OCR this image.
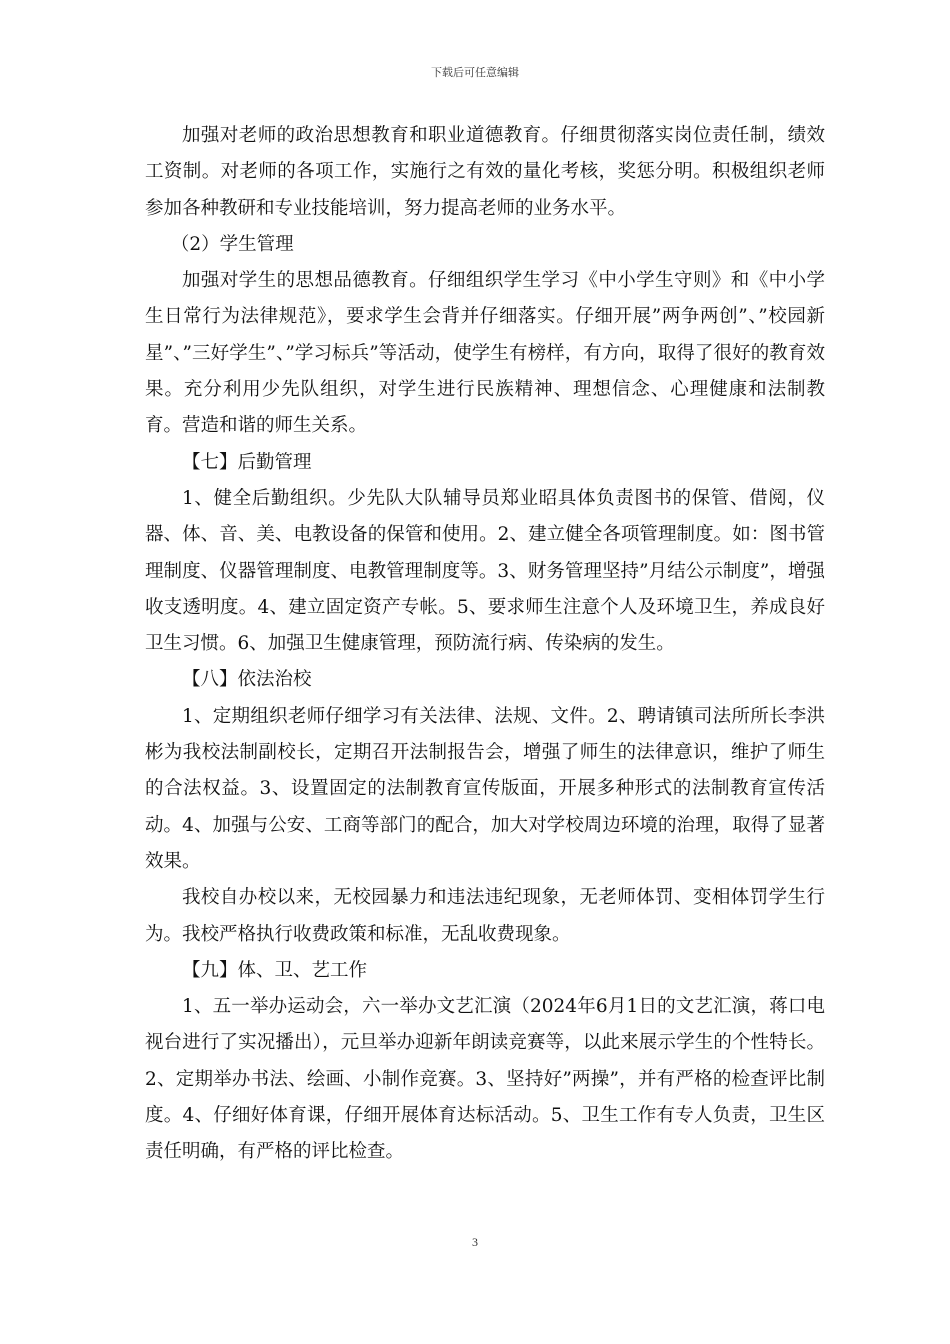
下载后可任意编辑

加强对老师的政治思想教育和职业道德教育。仔细贯彻落实岗位责任制，绩效工资制。对老师的各项工作，实施行之有效的量化考核，奖惩分明。积极组织老师参加各种教研和专业技能培训，努力提高老师的业务水平。

（2）学生管理

加强对学生的思想品德教育。仔细组织学生学习《中小学生守则》和《中小学生日常行为法律规范》，要求学生会背并仔细落实。仔细开展”两争两创”、”校园新星”、”三好学生”、”学习标兵”等活动，使学生有榜样，有方向，取得了很好的教育效果。充分利用少先队组织，对学生进行民族精神、理想信念、心理健康和法制教育。营造和谐的师生关系。

【七】后勤管理

1、健全后勤组织。少先队大队辅导员郑业昭具体负责图书的保管、借阅，仪器、体、音、美、电教设备的保管和使用。2、建立健全各项管理制度。如：图书管理制度、仪器管理制度、电教管理制度等。3、财务管理坚持”月结公示制度”，增强收支透明度。4、建立固定资产专帐。5、要求师生注意个人及环境卫生，养成良好卫生习惯。6、加强卫生健康管理，预防流行病、传染病的发生。

【八】依法治校

1、定期组织老师仔细学习有关法律、法规、文件。2、聘请镇司法所所长李洪彬为我校法制副校长，定期召开法制报告会，增强了师生的法律意识，维护了师生的合法权益。3、设置固定的法制教育宣传版面，开展多种形式的法制教育宣传活动。4、加强与公安、工商等部门的配合，加大对学校周边环境的治理，取得了显著效果。

我校自办校以来，无校园暴力和违法违纪现象，无老师体罚、变相体罚学生行为。我校严格执行收费政策和标准，无乱收费现象。

【九】体、卫、艺工作

1、五一举办运动会，六一举办文艺汇演（2024年6月1日的文艺汇演，蒋口电视台进行了实况播出），元旦举办迎新年朗读竞赛等，以此来展示学生的个性特长。2、定期举办书法、绘画、小制作竞赛。3、坚持好”两操”，并有严格的检查评比制度。4、仔细好体育课，仔细开展体育达标活动。5、卫生工作有专人负责，卫生区责任明确，有严格的评比检查。

3
